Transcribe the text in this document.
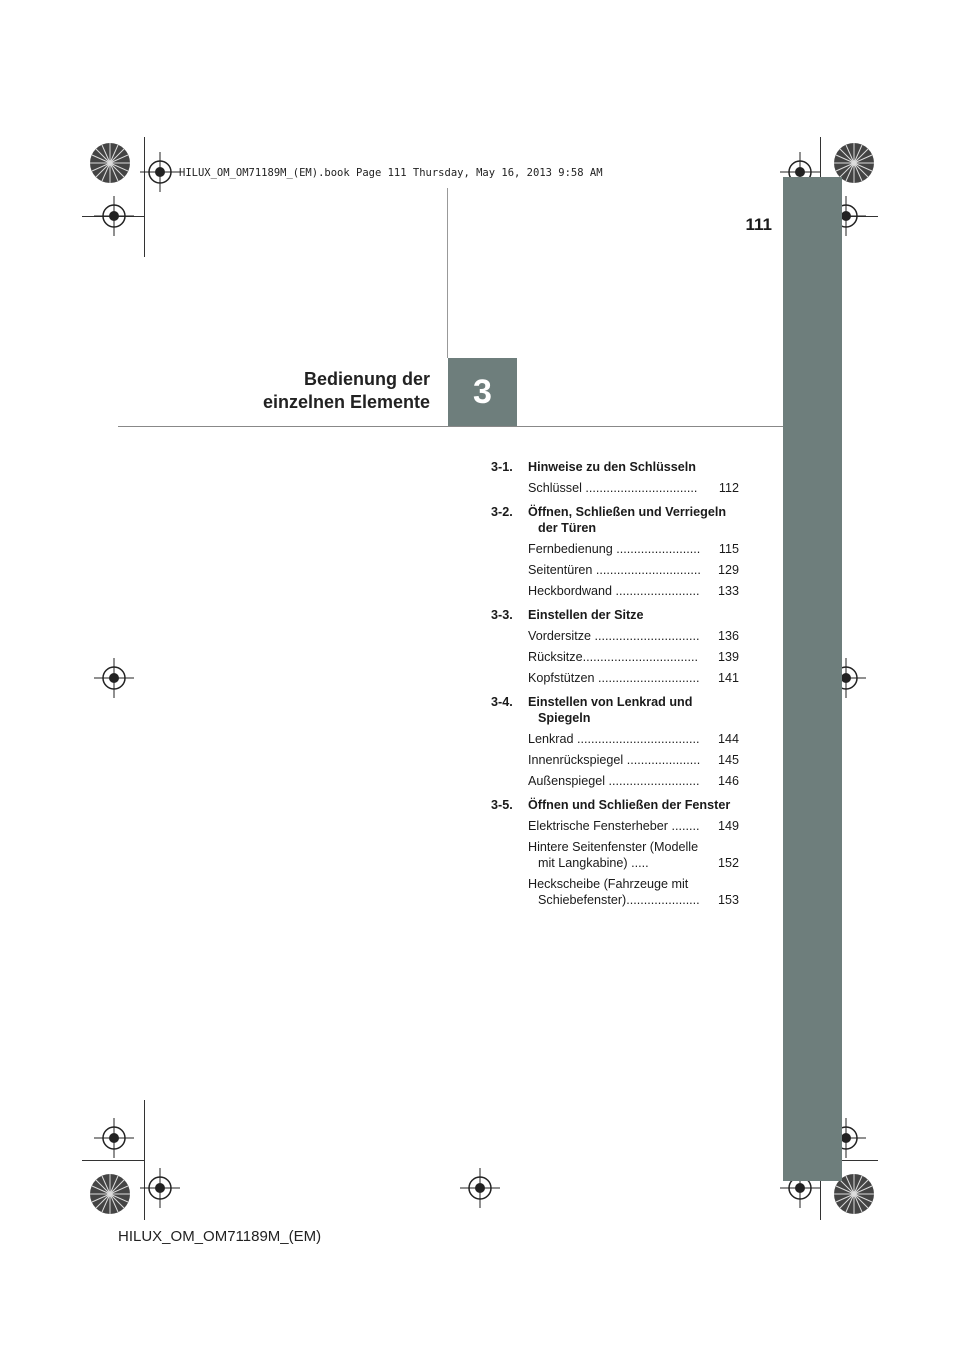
HILUX_OM_OM71189M_(EM).book Page 111 Thursday, May 16, 2013 9:58 AM
111
Bedienung der
einzelnen Elemente	3
3-1.	Hinweise zu den Schlüsseln
Schlüssel ................................	112
3-2.	Öffnen, Schließen und Verriegeln der Türen
Fernbedienung ........................	115
Seitentüren ..............................	129
Heckbordwand ........................	133
3-3.	Einstellen der Sitze
Vordersitze ..............................	136
Rücksitze.................................	139
Kopfstützen .............................	141
3-4.	Einstellen von Lenkrad und Spiegeln
Lenkrad ...................................	144
Innenrückspiegel .....................	145
Außenspiegel ..........................	146
3-5.	Öffnen und Schließen der Fenster
Elektrische Fensterheber ........	149
Hintere Seitenfenster (Modelle mit Langkabine) .....	152
Heckscheibe (Fahrzeuge mit Schiebefenster).....................	153
HILUX_OM_OM71189M_(EM)
